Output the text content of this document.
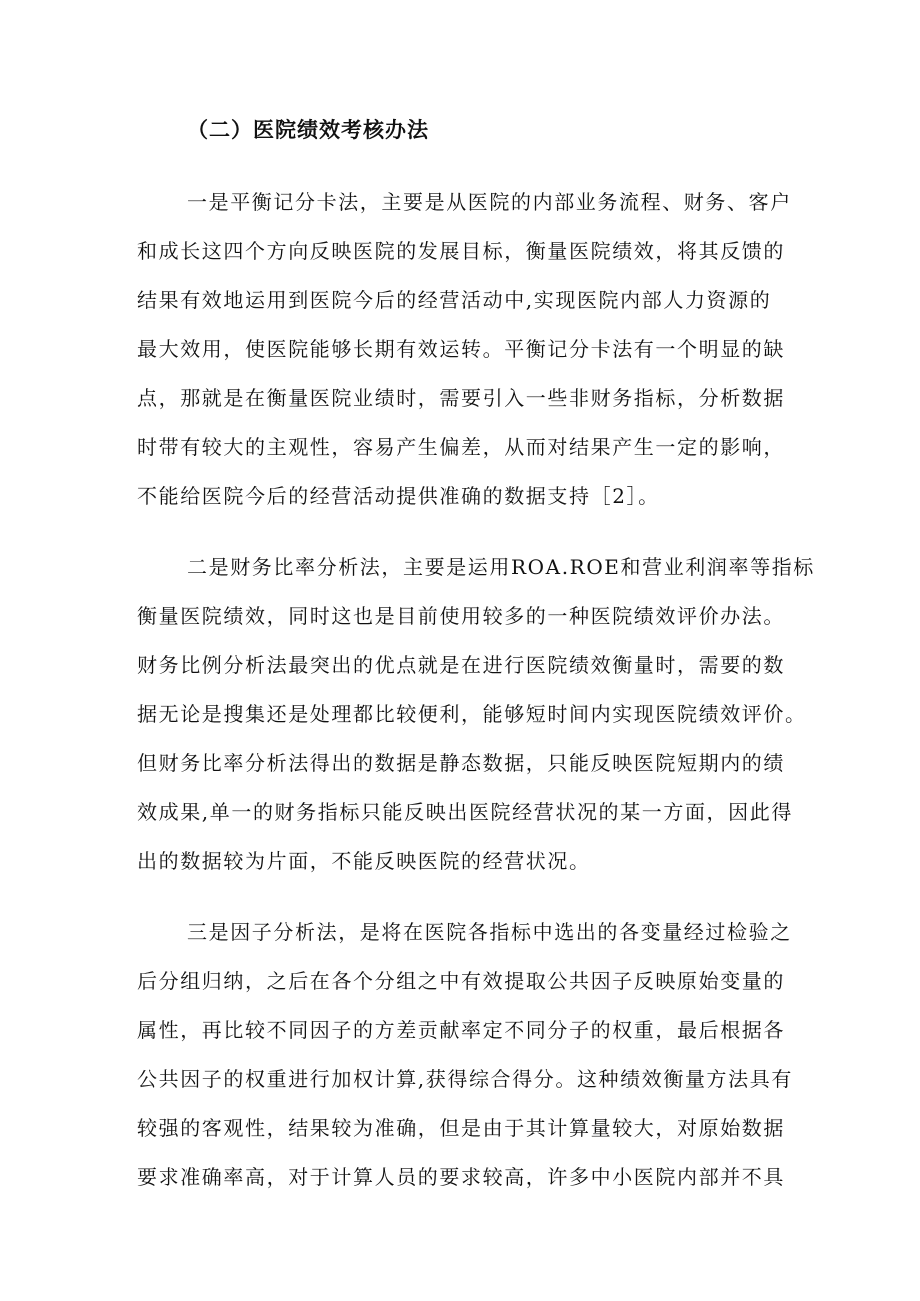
（二）医院绩效考核办法
一是平衡记分卡法，主要是从医院的内部业务流程、财务、客户
和成长这四个方向反映医院的发展目标，衡量医院绩效，将其反馈的
结果有效地运用到医院今后的经营活动中,实现医院内部人力资源的
最大效用，使医院能够长期有效运转。平衡记分卡法有一个明显的缺
点，那就是在衡量医院业绩时，需要引入一些非财务指标，分析数据
时带有较大的主观性，容易产生偏差，从而对结果产生一定的影响，
不能给医院今后的经营活动提供准确的数据支持［2］。
二是财务比率分析法，主要是运用ROA.ROE和营业利润率等指标
衡量医院绩效，同时这也是目前使用较多的一种医院绩效评价办法。
财务比例分析法最突出的优点就是在进行医院绩效衡量时，需要的数
据无论是搜集还是处理都比较便利，能够短时间内实现医院绩效评价。
但财务比率分析法得出的数据是静态数据，只能反映医院短期内的绩
效成果,单一的财务指标只能反映出医院经营状况的某一方面，因此得
出的数据较为片面，不能反映医院的经营状况。
三是因子分析法，是将在医院各指标中选出的各变量经过检验之
后分组归纳，之后在各个分组之中有效提取公共因子反映原始变量的
属性，再比较不同因子的方差贡献率定不同分子的权重，最后根据各
公共因子的权重进行加权计算,获得综合得分。这种绩效衡量方法具有
较强的客观性，结果较为准确，但是由于其计算量较大，对原始数据
要求准确率高，对于计算人员的要求较高，许多中小医院内部并不具
